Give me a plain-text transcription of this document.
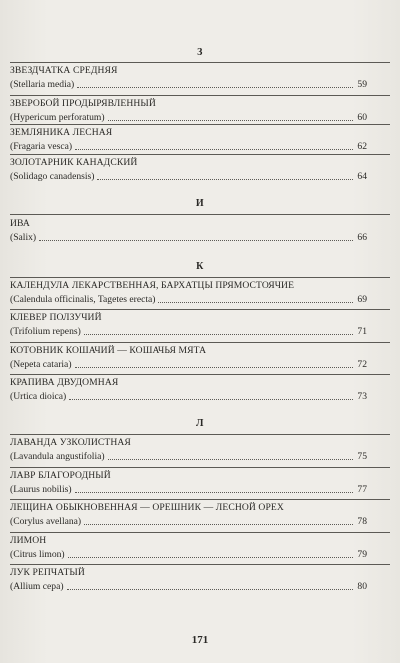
З
ЗВЕЗДЧАТКА СРЕДНЯЯ
(Stellaria media)	59
ЗВЕРОБОЙ ПРОДЫРЯВЛЕННЫЙ
(Hypericum perforatum)	60
ЗЕМЛЯНИКА ЛЕСНАЯ
(Fragaria vesca)	62
ЗОЛОТАРНИК КАНАДСКИЙ
(Solidago canadensis)	64
И
ИВА
(Salix)	66
К
КАЛЕНДУЛА ЛЕКАРСТВЕННАЯ, БАРХАТЦЫ ПРЯМОСТОЯЧИЕ
(Calendula officinalis, Tagetes erecta)	69
КЛЕВЕР ПОЛЗУЧИЙ
(Trifolium repens)	71
КОТОВНИК КОШАЧИЙ — КОШАЧЬЯ МЯТА
(Nepeta cataria)	72
КРАПИВА ДВУДОМНАЯ
(Urtica dioica)	73
Л
ЛАВАНДА УЗКОЛИСТНАЯ
(Lavandula angustifolia)	75
ЛАВР БЛАГОРОДНЫЙ
(Laurus nobilis)	77
ЛЕЩИНА ОБЫКНОВЕННАЯ — ОРЕШНИК — ЛЕСНОЙ ОРЕХ
(Corylus avellana)	78
ЛИМОН
(Citrus limon)	79
ЛУК РЕПЧАТЫЙ
(Allium cepa)	80
171
